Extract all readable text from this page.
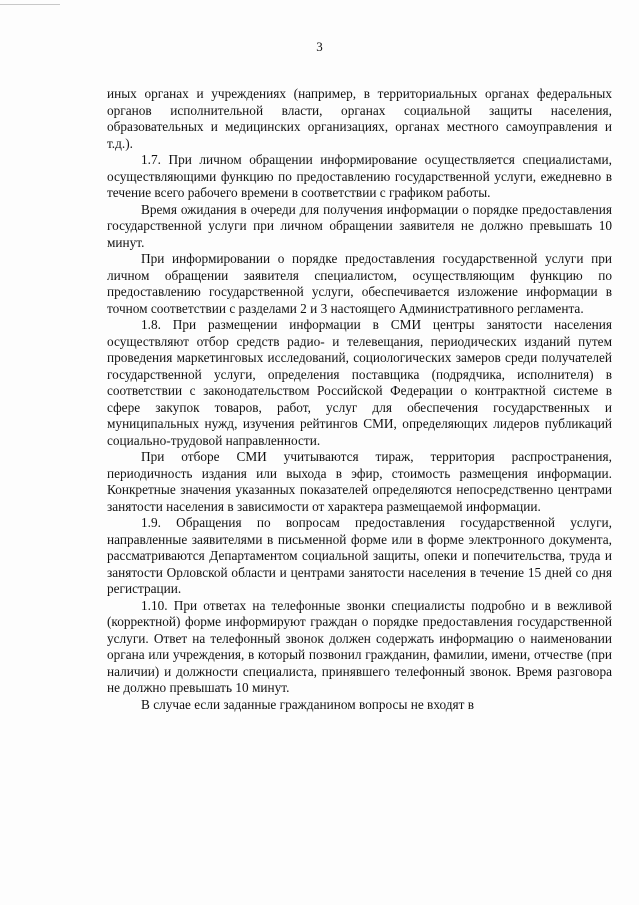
3

иных органах и учреждениях (например, в территориальных органах федеральных органов исполнительной власти, органах социальной защиты населения, образовательных и медицинских организациях, органах местного самоуправления и т.д.).

1.7. При личном обращении информирование осуществляется специалистами, осуществляющими функцию по предоставлению государственной услуги, ежедневно в течение всего рабочего времени в соответствии с графиком работы.

Время ожидания в очереди для получения информации о порядке предоставления государственной услуги при личном обращении заявителя не должно превышать 10 минут.

При информировании о порядке предоставления государственной услуги при личном обращении заявителя специалистом, осуществляющим функцию по предоставлению государственной услуги, обеспечивается изложение информации в точном соответствии с разделами 2 и 3 настоящего Административного регламента.

1.8. При размещении информации в СМИ центры занятости населения осуществляют отбор средств радио- и телевещания, периодических изданий путем проведения маркетинговых исследований, социологических замеров среди получателей государственной услуги, определения поставщика (подрядчика, исполнителя) в соответствии с законодательством Российской Федерации о контрактной системе в сфере закупок товаров, работ, услуг для обеспечения государственных и муниципальных нужд, изучения рейтингов СМИ, определяющих лидеров публикаций социально-трудовой направленности.

При отборе СМИ учитываются тираж, территория распространения, периодичность издания или выхода в эфир, стоимость размещения информации. Конкретные значения указанных показателей определяются непосредственно центрами занятости населения в зависимости от характера размещаемой информации.

1.9. Обращения по вопросам предоставления государственной услуги, направленные заявителями в письменной форме или в форме электронного документа, рассматриваются Департаментом социальной защиты, опеки и попечительства, труда и занятости Орловской области и центрами занятости населения в течение 15 дней со дня регистрации.

1.10. При ответах на телефонные звонки специалисты подробно и в вежливой (корректной) форме информируют граждан о порядке предоставления государственной услуги. Ответ на телефонный звонок должен содержать информацию о наименовании органа или учреждения, в который позвонил гражданин, фамилии, имени, отчестве (при наличии) и должности специалиста, принявшего телефонный звонок. Время разговора не должно превышать 10 минут.

В случае если заданные гражданином вопросы не входят в
